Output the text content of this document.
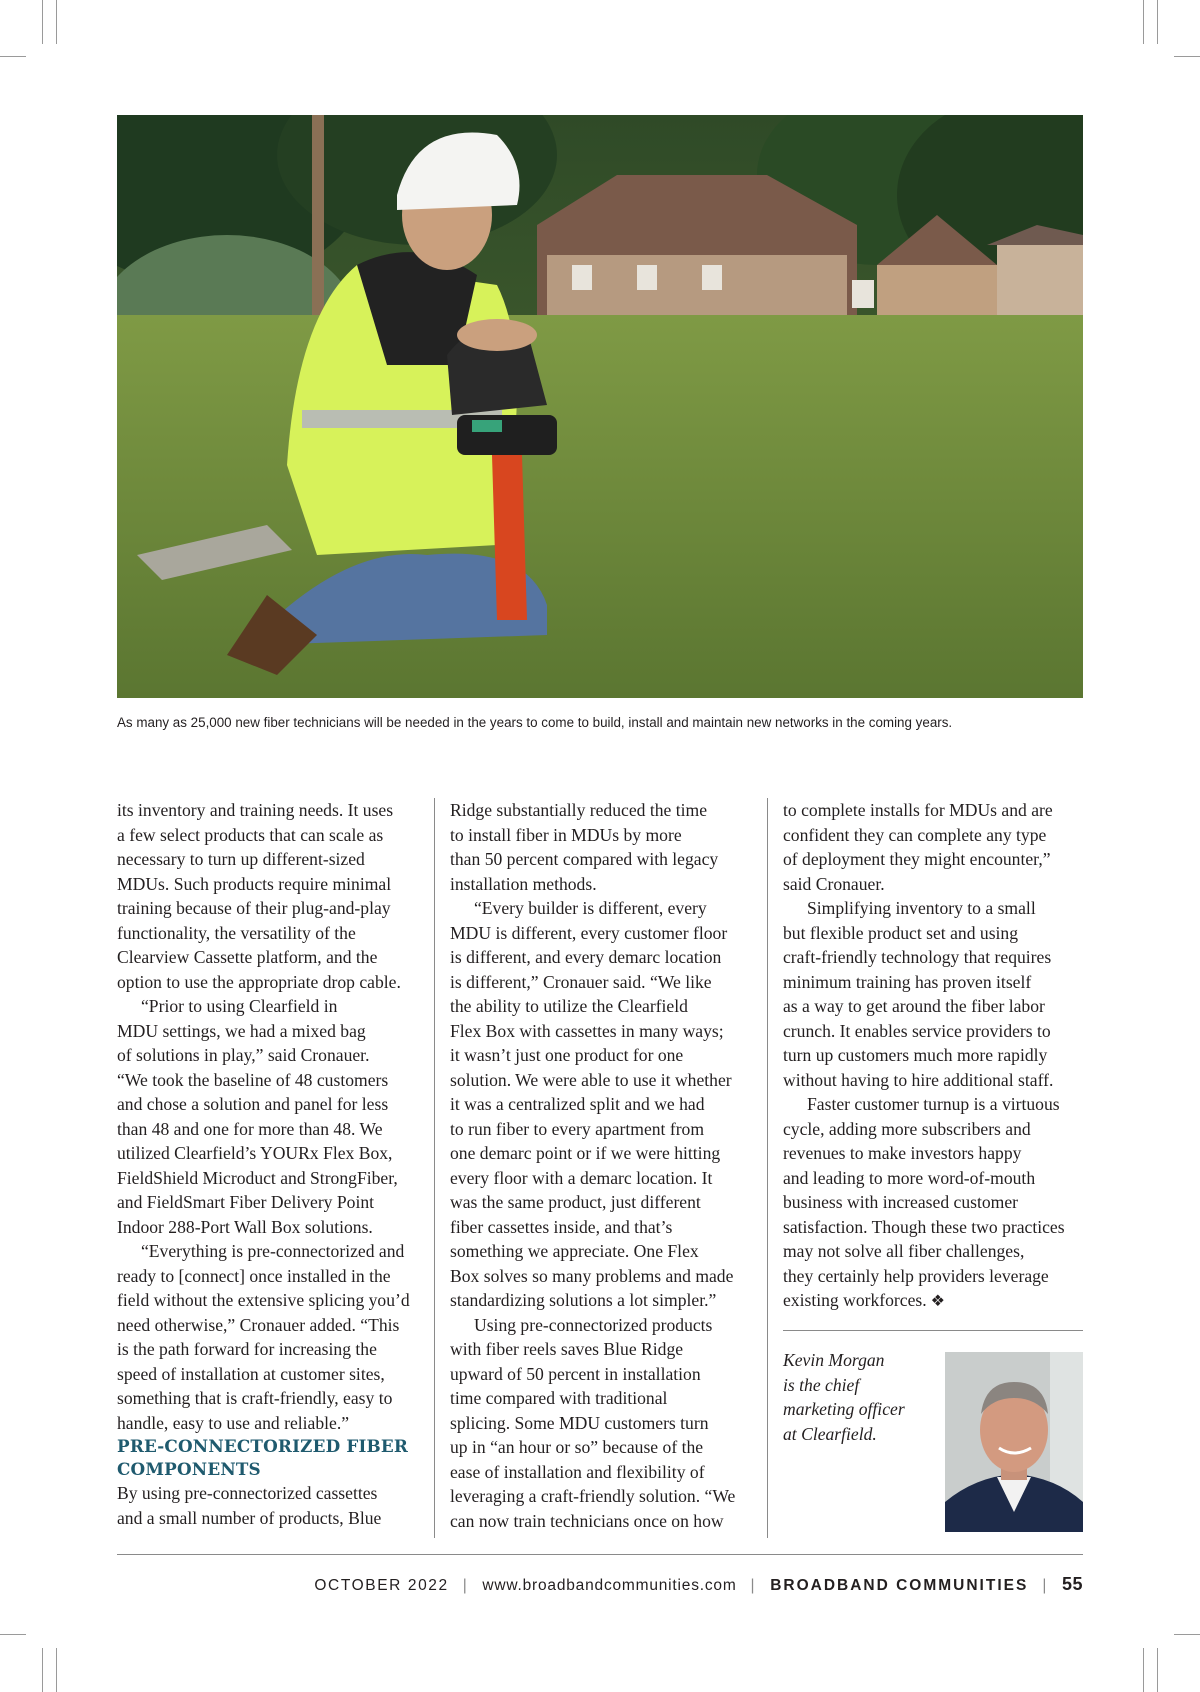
As many as 25,000 new fiber technicians will be needed in the years to come to build, install and maintain new networks in the coming years.

its inventory and training needs. It uses
a few select products that can scale as
necessary to turn up different-sized
MDUs. Such products require minimal
training because of their plug-and-play
functionality, the versatility of the
Clearview Cassette platform, and the
option to use the appropriate drop cable.

“Prior to using Clearfield in
MDU settings, we had a mixed bag
of solutions in play,” said Cronauer.
“We took the baseline of 48 customers
and chose a solution and panel for less
than 48 and one for more than 48. We
utilized Clearfield’s YOURx Flex Box,
FieldShield Microduct and StrongFiber,
and FieldSmart Fiber Delivery Point
Indoor 288-Port Wall Box solutions.

“Everything is pre-connectorized and
ready to [connect] once installed in the
field without the extensive splicing you’d
need otherwise,” Cronauer added. “This
is the path forward for increasing the
speed of installation at customer sites,
something that is craft-friendly, easy to
handle, easy to use and reliable.”

PRE-CONNECTORIZED FIBER
COMPONENTS

By using pre-connectorized cassettes
and a small number of products, Blue

Ridge substantially reduced the time
to install fiber in MDUs by more
than 50 percent compared with legacy
installation methods.

“Every builder is different, every
MDU is different, every customer floor
is different, and every demarc location
is different,” Cronauer said. “We like
the ability to utilize the Clearfield
Flex Box with cassettes in many ways;
it wasn’t just one product for one
solution. We were able to use it whether
it was a centralized split and we had
to run fiber to every apartment from
one demarc point or if we were hitting
every floor with a demarc location. It
was the same product, just different
fiber cassettes inside, and that’s
something we appreciate. One Flex
Box solves so many problems and made
standardizing solutions a lot simpler.”

Using pre-connectorized products
with fiber reels saves Blue Ridge
upward of 50 percent in installation
time compared with traditional
splicing. Some MDU customers turn
up in “an hour or so” because of the
ease of installation and flexibility of
leveraging a craft-friendly solution. “We
can now train technicians once on how

to complete installs for MDUs and are
confident they can complete any type
of deployment they might encounter,”
said Cronauer.

Simplifying inventory to a small
but flexible product set and using
craft-friendly technology that requires
minimum training has proven itself
as a way to get around the fiber labor
crunch. It enables service providers to
turn up customers much more rapidly
without having to hire additional staff.

Faster customer turnup is a virtuous
cycle, adding more subscribers and
revenues to make investors happy
and leading to more word-of-mouth
business with increased customer
satisfaction. Though these two practices
may not solve all fiber challenges,
they certainly help providers leverage
existing workforces. ❖

Kevin Morgan
is the chief
marketing officer
at Clearfield.
OCTOBER 2022 | www.broadbandcommunities.com | BROADBAND COMMUNITIES | 55
